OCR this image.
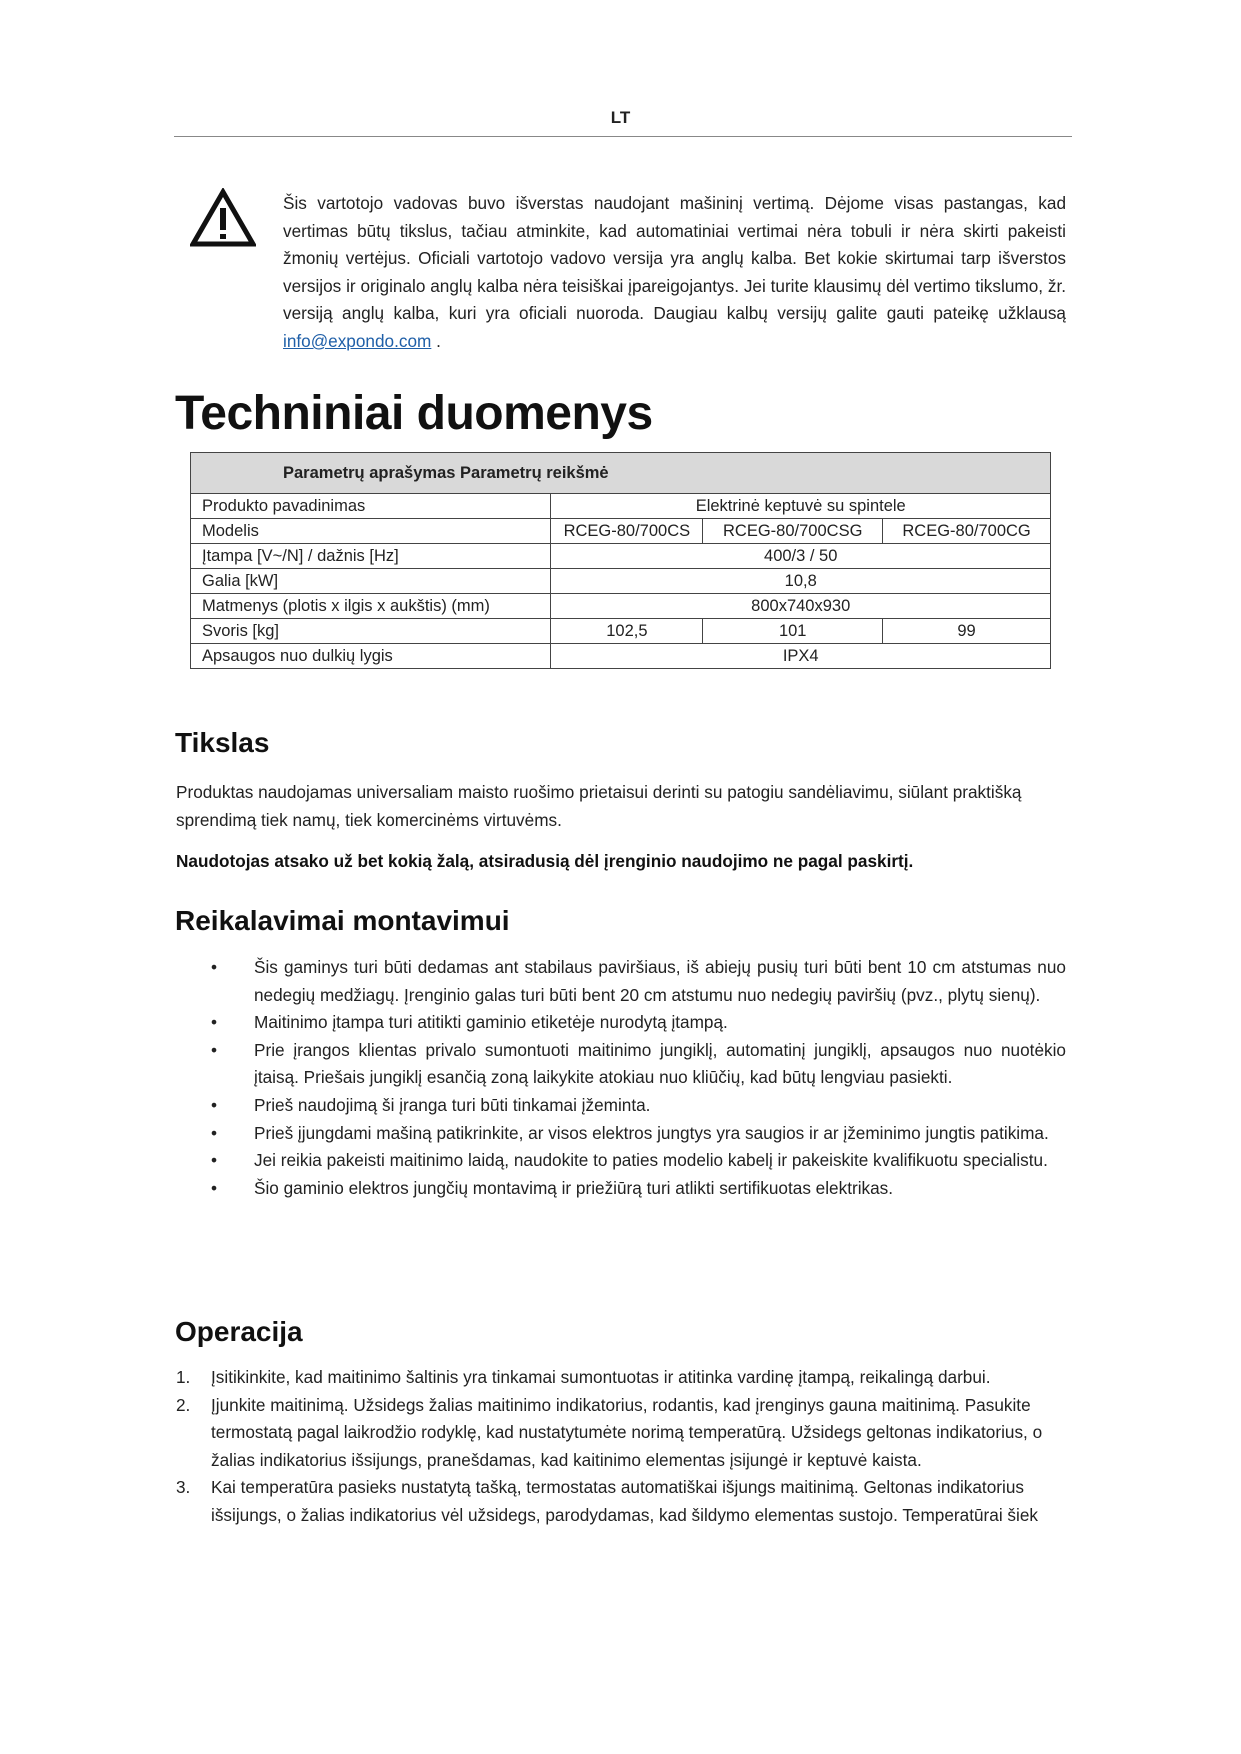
LT
Šis vartotojo vadovas buvo išverstas naudojant mašininį vertimą. Dėjome visas pastangas, kad vertimas būtų tikslus, tačiau atminkite, kad automatiniai vertimai nėra tobuli ir nėra skirti pakeisti žmonių vertėjus. Oficiali vartotojo vadovo versija yra anglų kalba. Bet kokie skirtumai tarp išverstos versijos ir originalo anglų kalba nėra teisiškai įpareigojantys. Jei turite klausimų dėl vertimo tikslumo, žr. versiją anglų kalba, kuri yra oficiali nuoroda. Daugiau kalbų versijų galite gauti pateikę užklausą info@expondo.com .
Techniniai duomenys
Parametrų aprašymas Parametrų reikšmė			
Produkto pavadinimas	Elektrinė keptuvė su spintele		
Modelis	RCEG-80/700CS	RCEG-80/700CSG	RCEG-80/700CG
Įtampa [V~/N] / dažnis [Hz]	400/3 / 50		
Galia [kW]	10,8		
Matmenys (plotis x ilgis x aukštis) (mm)	800x740x930		
Svoris [kg]	102,5	101	99
Apsaugos nuo dulkių lygis	IPX4		
Tikslas
Produktas naudojamas universaliam maisto ruošimo prietaisui derinti su patogiu sandėliavimu, siūlant praktišką sprendimą tiek namų, tiek komercinėms virtuvėms.
Naudotojas atsako už bet kokią žalą, atsiradusią dėl įrenginio naudojimo ne pagal paskirtį.
Reikalavimai montavimui
• Šis gaminys turi būti dedamas ant stabilaus paviršiaus, iš abiejų pusių turi būti bent 10 cm atstumas nuo nedegių medžiagų. Įrenginio galas turi būti bent 20 cm atstumu nuo nedegių paviršių (pvz., plytų sienų).
• Maitinimo įtampa turi atitikti gaminio etiketėje nurodytą įtampą.
• Prie įrangos klientas privalo sumontuoti maitinimo jungiklį, automatinį jungiklį, apsaugos nuo nuotėkio įtaisą. Priešais jungiklį esančią zoną laikykite atokiau nuo kliūčių, kad būtų lengviau pasiekti.
• Prieš naudojimą ši įranga turi būti tinkamai įžeminta.
• Prieš įjungdami mašiną patikrinkite, ar visos elektros jungtys yra saugios ir ar įžeminimo jungtis patikima.
• Jei reikia pakeisti maitinimo laidą, naudokite to paties modelio kabelį ir pakeiskite kvalifikuotu specialistu.
• Šio gaminio elektros jungčių montavimą ir priežiūrą turi atlikti sertifikuotas elektrikas.
Operacija
1. Įsitikinkite, kad maitinimo šaltinis yra tinkamai sumontuotas ir atitinka vardinę įtampą, reikalingą darbui.
2. Įjunkite maitinimą. Užsidegs žalias maitinimo indikatorius, rodantis, kad įrenginys gauna maitinimą. Pasukite termostatą pagal laikrodžio rodyklę, kad nustatytumėte norimą temperatūrą. Užsidegs geltonas indikatorius, o žalias indikatorius išsijungs, pranešdamas, kad kaitinimo elementas įsijungė ir keptuvė kaista.
3. Kai temperatūra pasieks nustatytą tašką, termostatas automatiškai išjungs maitinimą. Geltonas indikatorius išsijungs, o žalias indikatorius vėl užsidegs, parodydamas, kad šildymo elementas sustojo. Temperatūrai šiek
